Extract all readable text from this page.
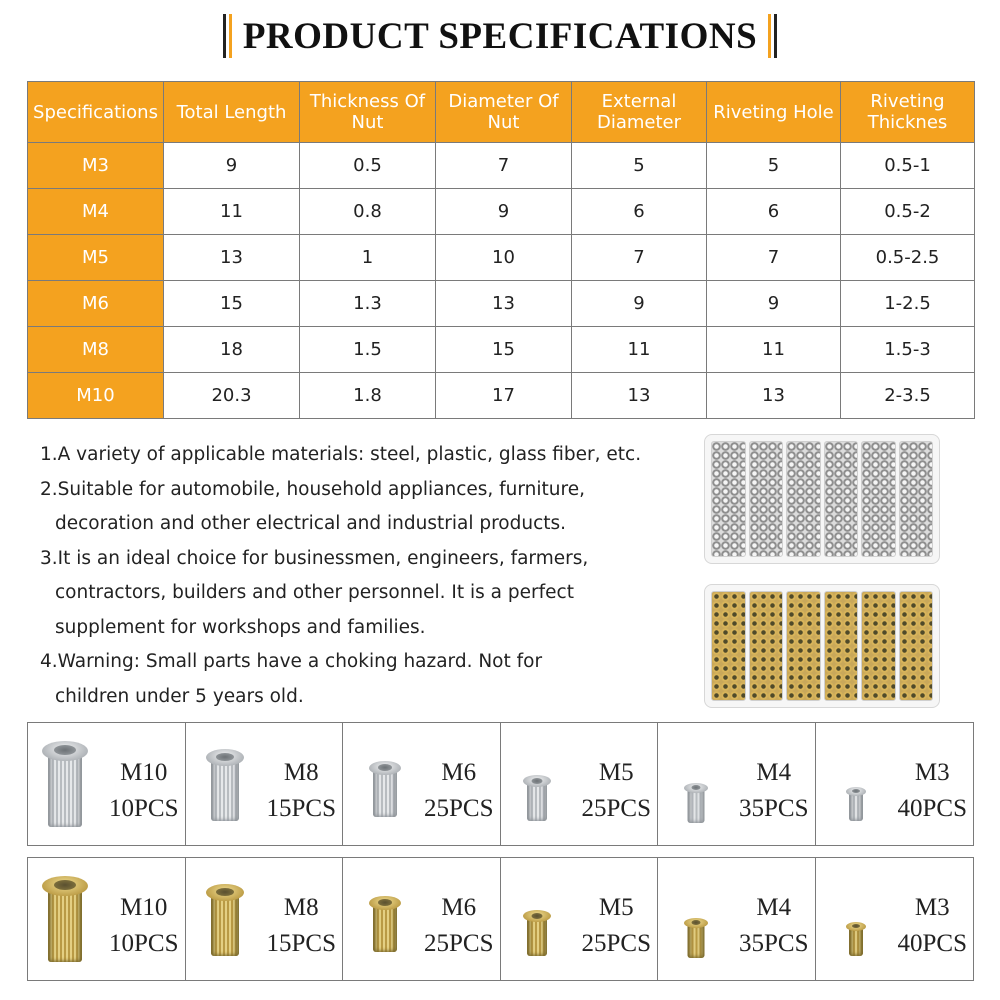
PRODUCT SPECIFICATIONS
Specifications	Total Length	Thickness Of Nut	Diameter Of Nut	External Diameter	Riveting Hole	Riveting Thicknes
M3	9	0.5	7	5	5	0.5-1
M4	11	0.8	9	6	6	0.5-2
M5	13	1	10	7	7	0.5-2.5
M6	15	1.3	13	9	9	1-2.5
M8	18	1.5	15	11	11	1.5-3
M10	20.3	1.8	17	13	13	2-3.5
1.A variety of applicable materials: steel, plastic, glass fiber, etc.
2.Suitable for automobile, household appliances, furniture,
decoration and other electrical and industrial products.
3.It is an ideal choice for businessmen, engineers, farmers,
contractors, builders and other personnel. It is a perfect
supplement for workshops and families.
4.Warning: Small parts have a choking hazard. Not for
children under 5 years old.
M10
10PCS
M8
15PCS
M6
25PCS
M5
25PCS
M4
35PCS
M3
40PCS
M10
10PCS
M8
15PCS
M6
25PCS
M5
25PCS
M4
35PCS
M3
40PCS
